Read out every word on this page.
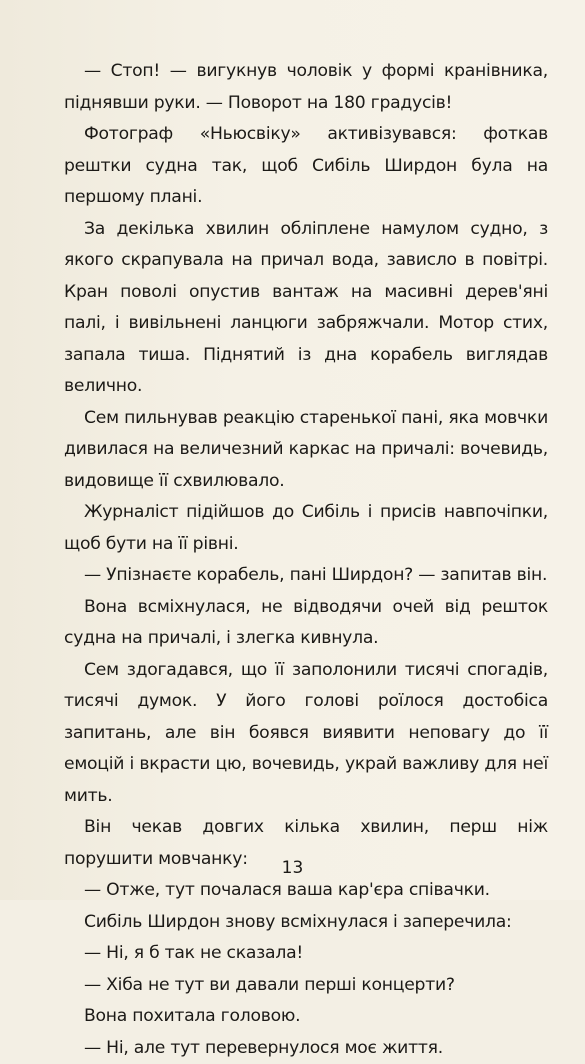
— Стоп! — вигукнув чоловік у формі кранівника, піднявши руки. — Поворот на 180 градусів!

Фотограф «Ньюсвіку» активізувався: фоткав рештки судна так, щоб Сибіль Ширдон була на першому плані.

За декілька хвилин обліплене намулом судно, з якого скрапувала на причал вода, зависло в повітрі. Кран поволі опустив вантаж на масивні дерев'яні палі, і вивільнені ланцюги забряжчали. Мотор стих, запала тиша. Піднятий із дна корабель виглядав велично.

Сем пильнував реакцію старенької пані, яка мовчки дивилася на величезний каркас на причалі: вочевидь, видовище її схвилювало.

Журналіст підійшов до Сибіль і присів навпочіпки, щоб бути на її рівні.

— Упізнаєте корабель, пані Ширдон? — запитав він.

Вона всміхнулася, не відводячи очей від решток судна на причалі, і злегка кивнула.

Сем здогадався, що її заполонили тисячі спогадів, тисячі думок. У його голові роїлося достобіса запитань, але він боявся виявити неповагу до її емоцій і вкрасти цю, вочевидь, украй важливу для неї мить.

Він чекав довгих кілька хвилин, перш ніж порушити мовчанку:

— Отже, тут почалася ваша кар'єра співачки.

Сибіль Ширдон знову всміхнулася і заперечила:

— Ні, я б так не сказала!

— Хіба не тут ви давали перші концерти?

Вона похитала головою.

— Ні, але тут перевернулося моє життя.

13
